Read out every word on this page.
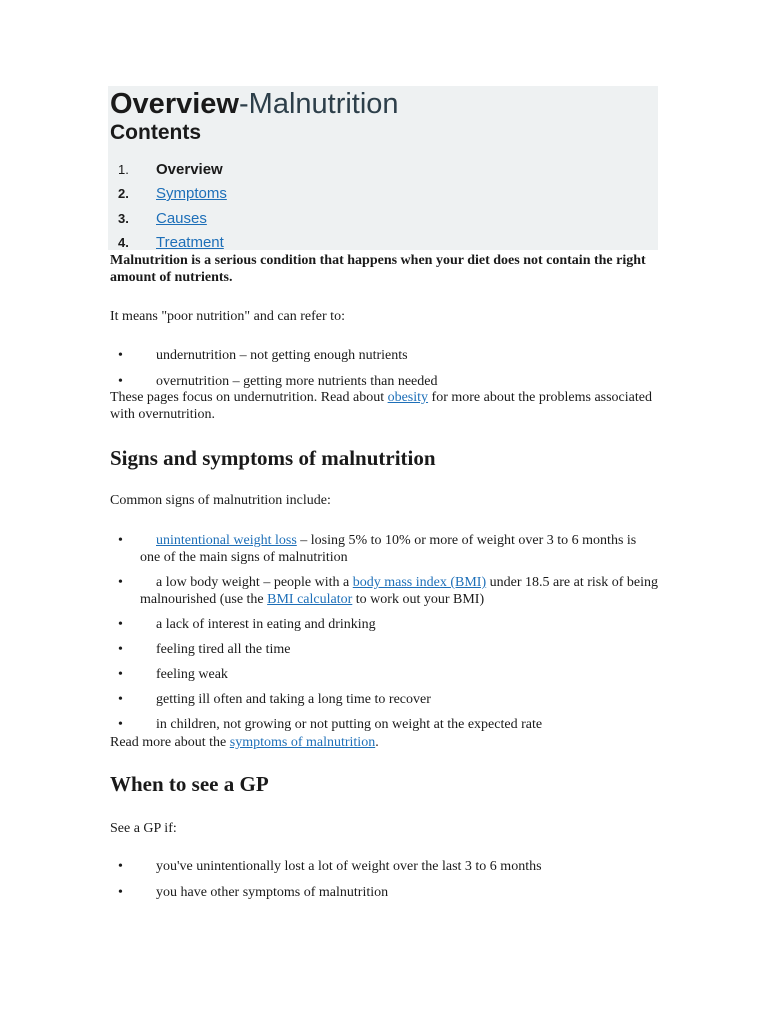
Overview-Malnutrition
Contents
1. Overview
2. Symptoms
3. Causes
4. Treatment
Malnutrition is a serious condition that happens when your diet does not contain the right amount of nutrients.
It means "poor nutrition" and can refer to:
•	undernutrition – not getting enough nutrients
•	overnutrition – getting more nutrients than needed
These pages focus on undernutrition. Read about obesity for more about the problems associated with overnutrition.
Signs and symptoms of malnutrition
Common signs of malnutrition include:
•	unintentional weight loss – losing 5% to 10% or more of weight over 3 to 6 months is one of the main signs of malnutrition
•	a low body weight – people with a body mass index (BMI) under 18.5 are at risk of being malnourished (use the BMI calculator to work out your BMI)
•	a lack of interest in eating and drinking
•	feeling tired all the time
•	feeling weak
•	getting ill often and taking a long time to recover
•	in children, not growing or not putting on weight at the expected rate
Read more about the symptoms of malnutrition.
When to see a GP
See a GP if:
•	you've unintentionally lost a lot of weight over the last 3 to 6 months
•	you have other symptoms of malnutrition
